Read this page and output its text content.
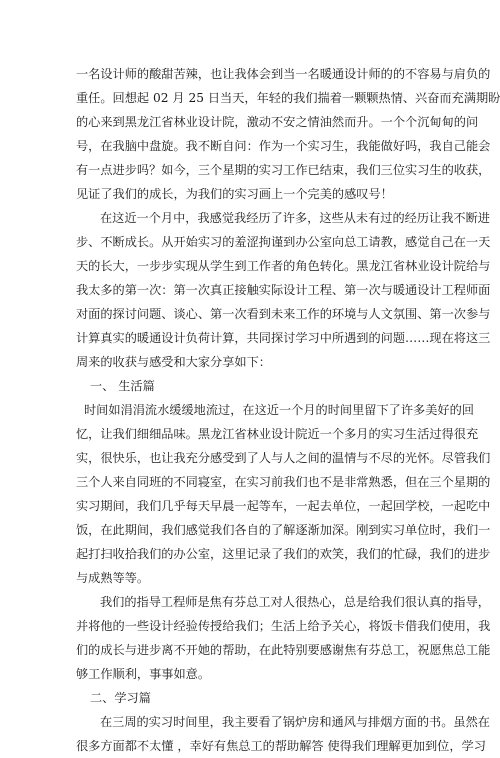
一名设计师的酸甜苦辣，也让我体会到当一名暖通设计师的的不容易与肩负的
重任。回想起 02 月 25 日当天，年轻的我们揣着一颗颗热情、兴奋而充满期盼
的心来到黑龙江省林业设计院，激动不安之情油然而升。一个个沉甸甸的问
号，在我脑中盘旋。我不断自问：作为一个实习生，我能做好吗，我自己能会
有一点进步吗？如今，三个星期的实习工作已结束，我们三位实习生的收获，
见证了我们的成长，为我们的实习画上一个完美的感叹号！
在这近一个月中，我感觉我经历了许多，这些从未有过的经历让我不断进
步、不断成长。从开始实习的羞涩拘谨到办公室向总工请教，感觉自己在一天
天的长大，一步步实现从学生到工作者的角色转化。黑龙江省林业设计院给与
我太多的第一次：第一次真正接触实际设计工程、第一次与暖通设计工程师面
对面的探讨问题、谈心、第一次看到未来工作的环境与人文氛围、第一次参与
计算真实的暖通设计负荷计算，共同探讨学习中所遇到的问题……现在将这三
周来的收获与感受和大家分享如下：
一、 生活篇
时间如涓涓流水缓缓地流过，在这近一个月的时间里留下了许多美好的回
忆，让我们细细品味。黑龙江省林业设计院近一个多月的实习生活过得很充
实，很快乐，也让我充分感受到了人与人之间的温情与不尽的光怀。尽管我们
三个人来自同班的不同寝室，在实习前我们也不是非常熟悉，但在三个星期的
实习期间，我们几乎每天早晨一起等车，一起去单位，一起回学校，一起吃中
饭，在此期间，我们感觉我们各自的了解逐渐加深。刚到实习单位时，我们一
起打扫收拾我们的办公室，这里记录了我们的欢笑，我们的忙碌，我们的进步
与成熟等等。
我们的指导工程师是焦有芬总工对人很热心，总是给我们很认真的指导，
并将他的一些设计经验传授给我们；生活上给予关心，将饭卡借我们使用，我
们的成长与进步离不开她的帮助，在此特别要感谢焦有芬总工，祝愿焦总工能
够工作顺利，事事如意。
二、学习篇
在三周的实习时间里，我主要看了锅炉房和通风与排烟方面的书。虽然在
很多方面都不太懂 ，幸好有焦总工的帮助解答 使得我们理解更加到位，学习
